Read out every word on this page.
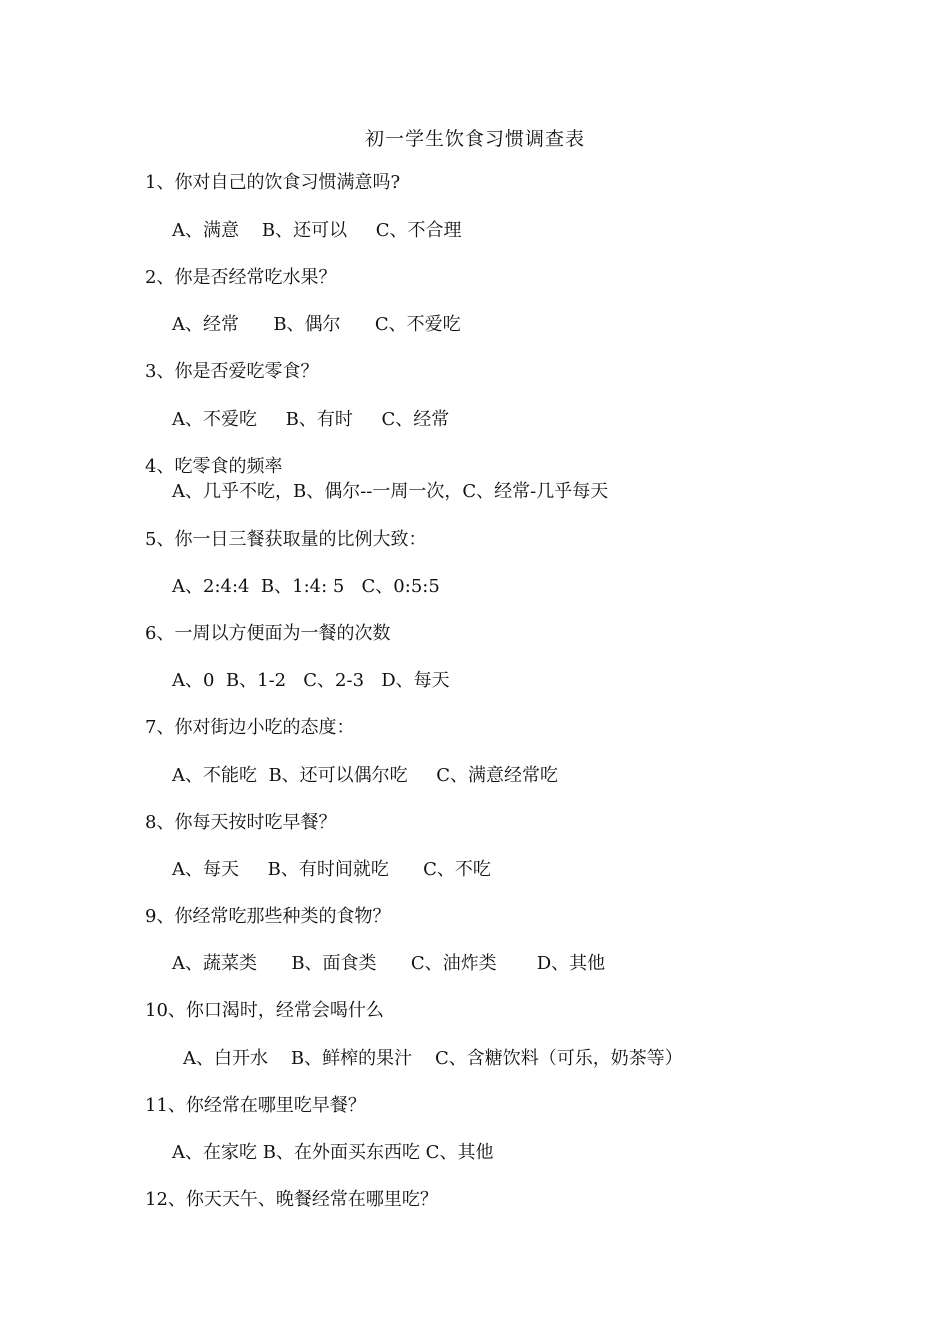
初一学生饮食习惯调查表
1、你对自己的饮食习惯满意吗?
A、满意    B、还可以     C、不合理
2、你是否经常吃水果？
A、经常      B、偶尔      C、不爱吃
3、你是否爱吃零食？
A、不爱吃     B、有时     C、经常
4、吃零食的频率
A、几乎不吃，B、偶尔--一周一次，C、经常-几乎每天
5、你一日三餐获取量的比例大致：
A、2:4:4  B、1:4: 5   C、0:5:5
6、一周以方便面为一餐的次数
A、0  B、1-2   C、2-3   D、每天
7、你对街边小吃的态度：
A、不能吃  B、还可以偶尔吃     C、满意经常吃
8、你每天按时吃早餐？
A、每天     B、有时间就吃      C、不吃
9、你经常吃那些种类的食物？
A、蔬菜类      B、面食类      C、油炸类       D、其他
10、你口渴时，经常会喝什么
A、白开水    B、鲜榨的果汁    C、含糖饮料（可乐，奶茶等）
11、你经常在哪里吃早餐？
A、在家吃 B、在外面买东西吃 C、其他
12、你天天午、晚餐经常在哪里吃？
